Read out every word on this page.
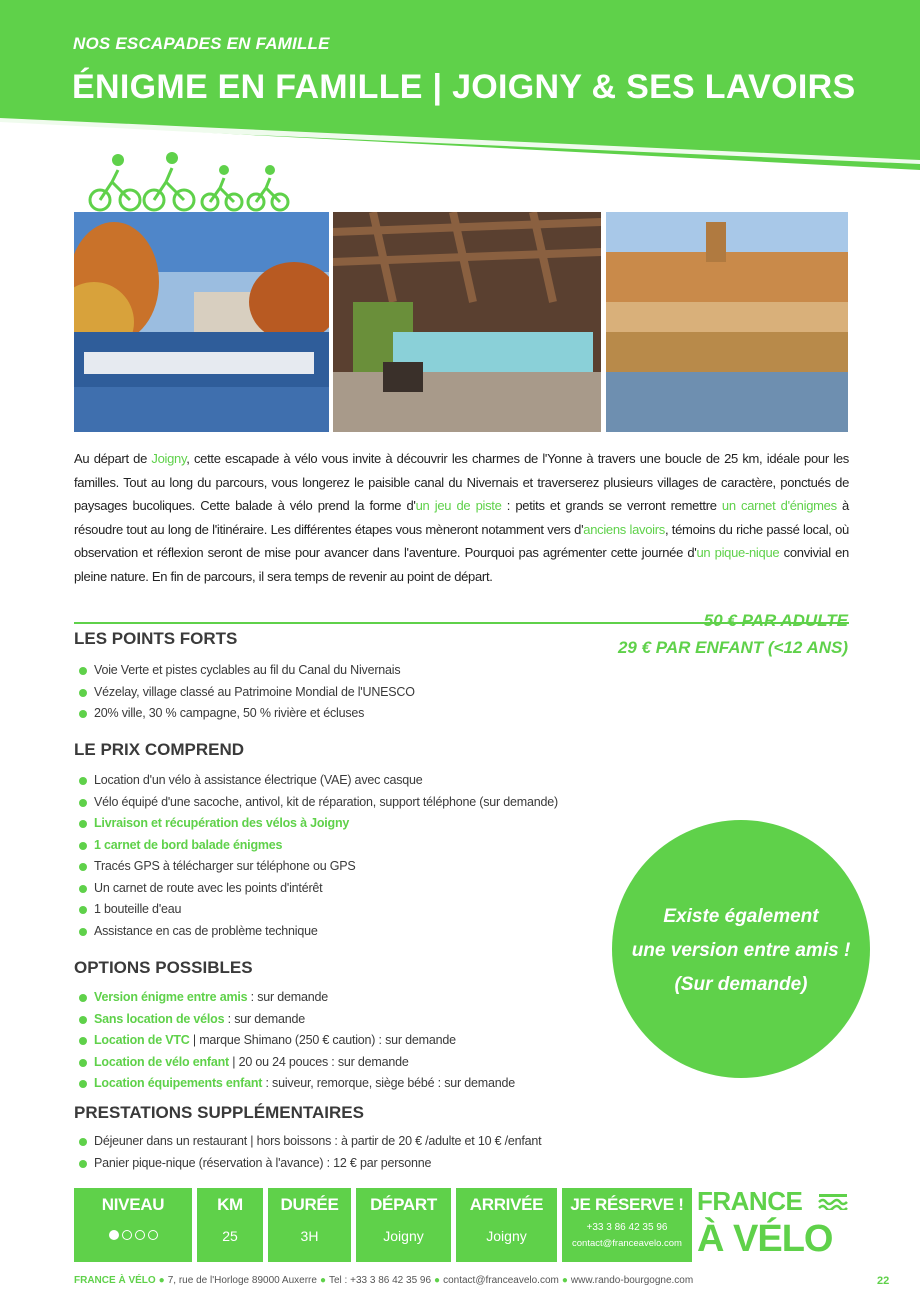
NOS ESCAPADES EN FAMILLE
ÉNIGME EN FAMILLE | JOIGNY & SES LAVOIRS
Au départ de Joigny, cette escapade à vélo vous invite à découvrir les charmes de l'Yonne à travers une boucle de 25 km, idéale pour les familles. Tout au long du parcours, vous longerez le paisible canal du Nivernais et traverserez plusieurs villages de caractère, ponctués de paysages bucoliques. Cette balade à vélo prend la forme d'un jeu de piste : petits et grands se verront remettre un carnet d'énigmes à résoudre tout au long de l'itinéraire. Les différentes étapes vous mèneront notamment vers d'anciens lavoirs, témoins du riche passé local, où observation et réflexion seront de mise pour avancer dans l'aventure. Pourquoi pas agrémenter cette journée d'un pique-nique convivial en pleine nature. En fin de parcours, il sera temps de revenir au point de départ.
50 € PAR ADULTE
29 € PAR ENFANT (<12 ANS)
LES POINTS FORTS
Voie Verte et pistes cyclables au fil du Canal du Nivernais
Vézelay, village classé au Patrimoine Mondial de l'UNESCO
20% ville, 30 % campagne, 50 % rivière et écluses
LE PRIX COMPREND
Location d'un vélo à assistance électrique (VAE) avec casque
Vélo équipé d'une sacoche, antivol, kit de réparation, support téléphone (sur demande)
Livraison et récupération des vélos à Joigny
1 carnet de bord balade énigmes
Tracés GPS à télécharger sur téléphone ou GPS
Un carnet de route avec les points d'intérêt
1 bouteille d'eau
Assistance en cas de problème technique
OPTIONS POSSIBLES
Version énigme entre amis : sur demande
Sans location de vélos : sur demande
Location de VTC | marque Shimano (250 € caution) : sur demande
Location de vélo enfant | 20 ou 24 pouces : sur demande
Location équipements enfant : suiveur, remorque, siège bébé : sur demande
PRESTATIONS SUPPLÉMENTAIRES
Déjeuner dans un restaurant | hors boissons : à partir de 20 € /adulte et 10 € /enfant
Panier pique-nique (réservation à l'avance) : 12 € par personne
Existe également
une version entre amis !
(Sur demande)
NIVEAU	KM
25
DURÉE
3H
DÉPART
Joigny
ARRIVÉE
Joigny
JE RÉSERVE !
+33 3 86 42 35 96
contact@franceavelo.com
FRANCE
À VÉLO
FRANCE À VÉLO ● 7, rue de l'Horloge 89000 Auxerre ● Tel : +33 3 86 42 35 96 ● contact@franceavelo.com ● www.rando-bourgogne.com	22
